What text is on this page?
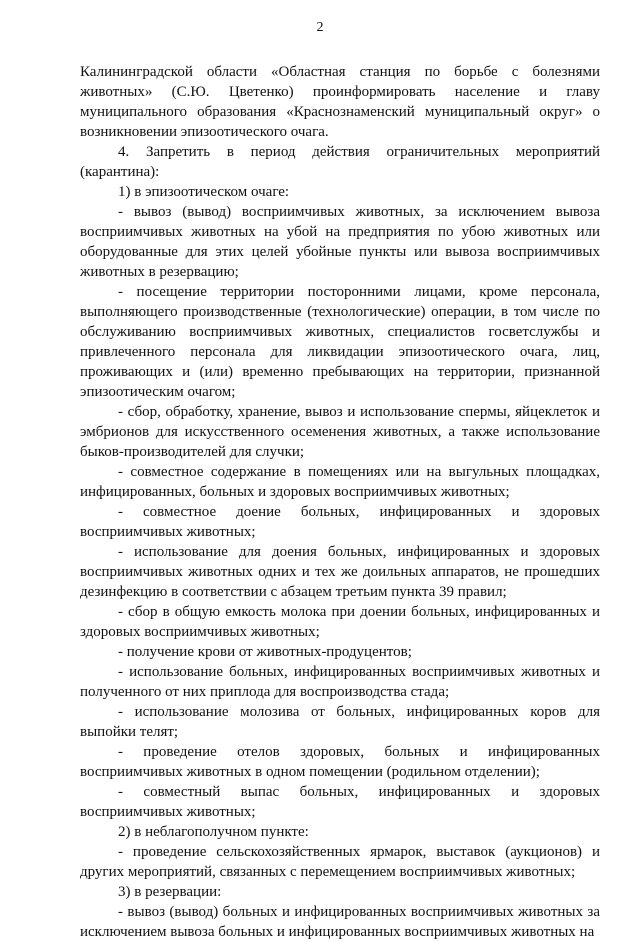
2

Калининградской области «Областная станция по борьбе с болезнями животных» (С.Ю. Цветенко) проинформировать население и главу муниципального образования «Краснознаменский муниципальный округ» о возникновении эпизоотического очага.

4. Запретить в период действия ограничительных мероприятий (карантина):

1) в эпизоотическом очаге:

- вывоз (вывод) восприимчивых животных, за исключением вывоза восприимчивых животных на убой на предприятия по убою животных или оборудованные для этих целей убойные пункты или вывоза восприимчивых животных в резервацию;

- посещение территории посторонними лицами, кроме персонала, выполняющего производственные (технологические) операции, в том числе по обслуживанию восприимчивых животных, специалистов госветслужбы и привлеченного персонала для ликвидации эпизоотического очага, лиц, проживающих и (или) временно пребывающих на территории, признанной эпизоотическим очагом;

- сбор, обработку, хранение, вывоз и использование спермы, яйцеклеток и эмбрионов для искусственного осеменения животных, а также использование быков-производителей для случки;

- совместное содержание в помещениях или на выгульных площадках, инфицированных, больных и здоровых восприимчивых животных;

- совместное доение больных, инфицированных и здоровых восприимчивых животных;

- использование для доения больных, инфицированных и здоровых восприимчивых животных одних и тех же доильных аппаратов, не прошедших дезинфекцию в соответствии с абзацем третьим пункта 39 правил;

- сбор в общую емкость молока при доении больных, инфицированных и здоровых восприимчивых животных;

- получение крови от животных-продуцентов;

- использование больных, инфицированных восприимчивых животных и полученного от них приплода для воспроизводства стада;

- использование молозива от больных, инфицированных коров для выпойки телят;

- проведение отелов здоровых, больных и инфицированных восприимчивых животных в одном помещении (родильном отделении);

- совместный выпас больных, инфицированных и здоровых восприимчивых животных;

2) в неблагополучном пункте:

- проведение сельскохозяйственных ярмарок, выставок (аукционов) и других мероприятий, связанных с перемещением восприимчивых животных;

3) в резервации:

- вывоз (вывод) больных и инфицированных восприимчивых животных за исключением вывоза больных и инфицированных восприимчивых животных на
